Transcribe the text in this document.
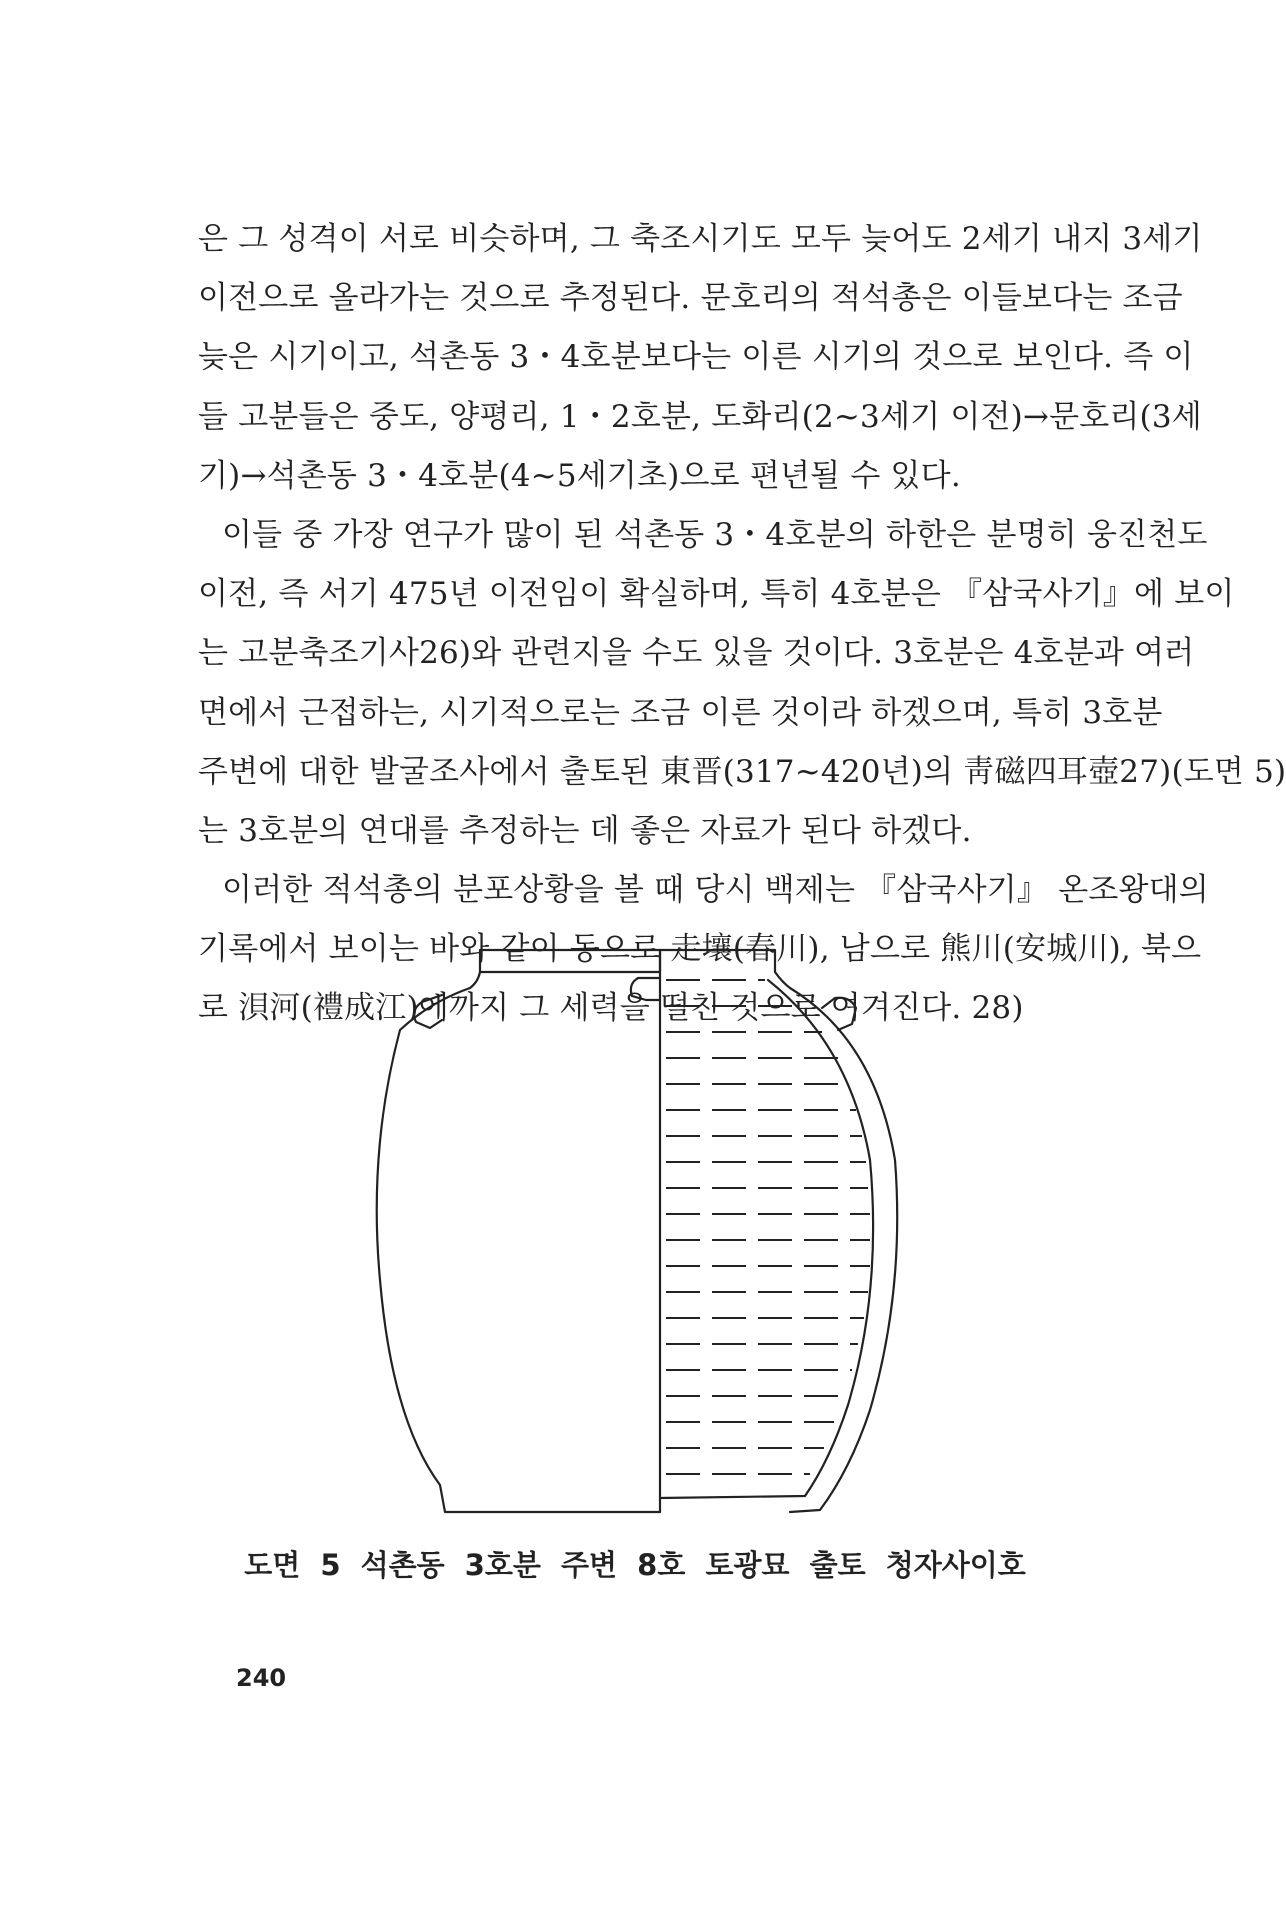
은 그 성격이 서로 비슷하며, 그 축조시기도 모두 늦어도 2세기 내지 3세기
이전으로 올라가는 것으로 추정된다. 문호리의 적석총은 이들보다는 조금
늦은 시기이고, 석촌동 3・4호분보다는 이른 시기의 것으로 보인다. 즉 이
들 고분들은 중도, 양평리, 1・2호분, 도화리(2~3세기 이전)→문호리(3세
기)→석촌동 3・4호분(4~5세기초)으로 편년될 수 있다.
이들 중 가장 연구가 많이 된 석촌동 3・4호분의 하한은 분명히 웅진천도
이전, 즉 서기 475년 이전임이 확실하며, 특히 4호분은 『삼국사기』에 보이
는 고분축조기사26)와 관련지을 수도 있을 것이다. 3호분은 4호분과 여러
면에서 근접하는, 시기적으로는 조금 이른 것이라 하겠으며, 특히 3호분
주변에 대한 발굴조사에서 출토된 東晋(317~420년)의 靑磁四耳壺27)(도면 5)
는 3호분의 연대를 추정하는 데 좋은 자료가 된다 하겠다.
이러한 적석총의 분포상황을 볼 때 당시 백제는 『삼국사기』 온조왕대의
기록에서 보이는 바와 같이 동으로 走壤(春川), 남으로 熊川(安城川), 북으
로 浿河(禮成江)에까지 그 세력을 떨친 것으로 여겨진다. 28)
도면 5 석촌동 3호분 주변 8호 토광묘 출토 청자사이호
240
